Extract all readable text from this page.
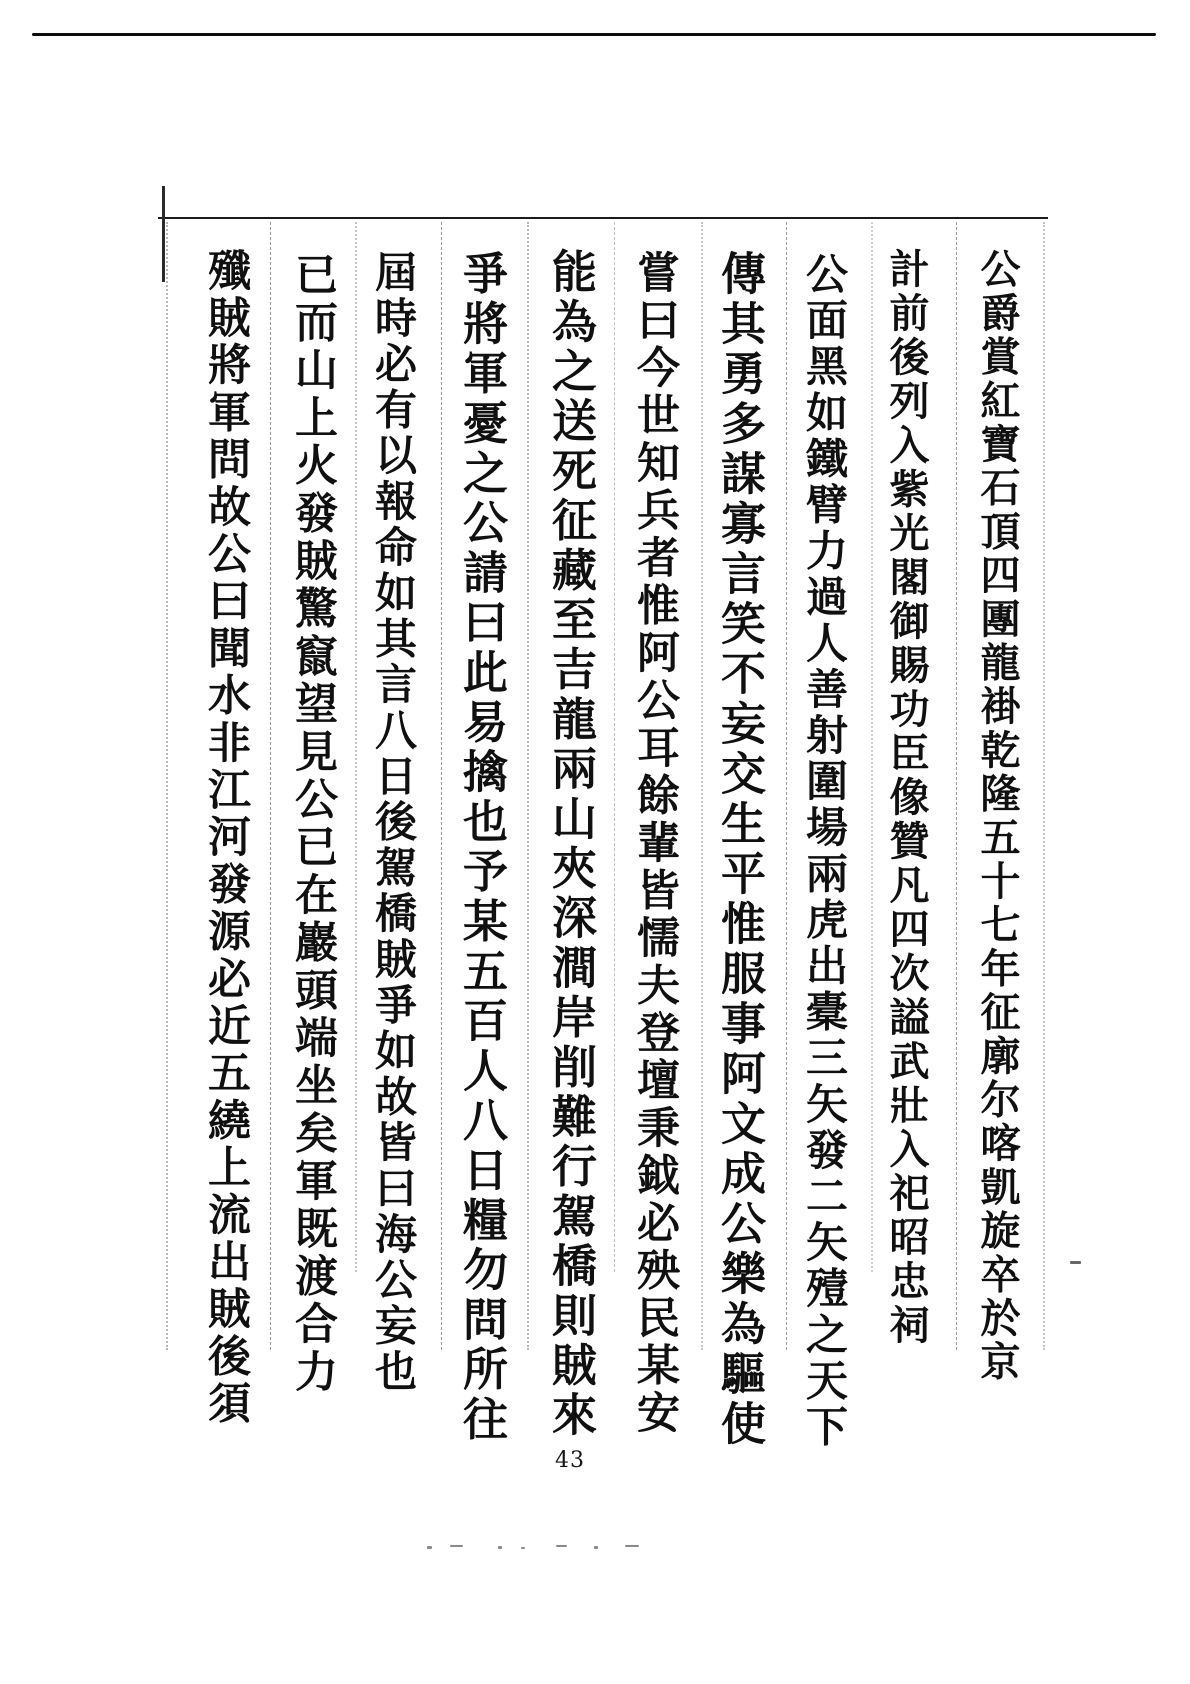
公爵賞紅寶石頂四團龍褂乾隆五十七年征廓尔喀凱旋卒於京
計前後列入紫光閣御賜功臣像贊凡四次謚武壯入祀昭忠祠
公面黑如鐵臂力過人善射圍場兩虎出橐三矢發二矢殪之天下
傳其勇多謀寡言笑不妄交生平惟服事阿文成公樂為驅使
嘗曰今世知兵者惟阿公耳餘輩皆懦夫登壇秉鉞必殃民某安
能為之送死征藏至吉龍兩山夾深澗岸削難行駕橋則賊來
爭將軍憂之公請曰此易擒也予某五百人八日糧勿問所往
屆時必有以報命如其言八日後駕橋賊爭如故皆曰海公妄也
已而山上火發賊驚竄望見公已在巖頭端坐矣軍既渡合力
殲賊將軍問故公曰聞水非江河發源必近五繞上流出賊後須
43
